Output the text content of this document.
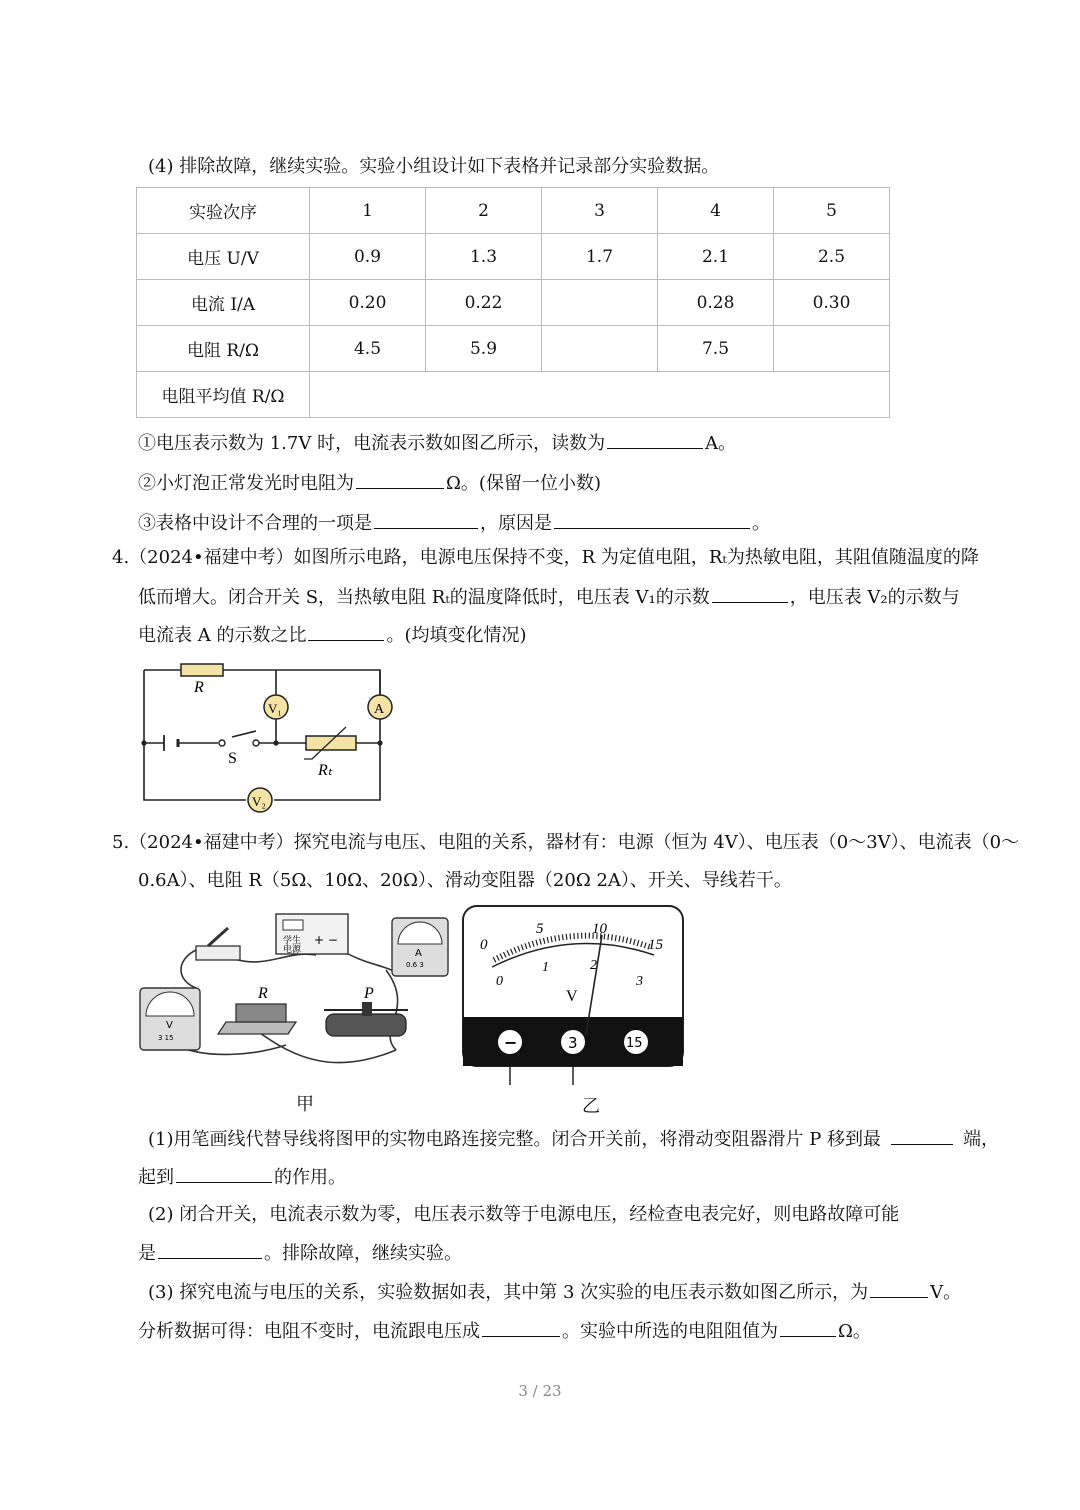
(4) 排除故障，继续实验。实验小组设计如下表格并记录部分实验数据。
实验次序	1	2	3	4	5
电压 U/V	0.9	1.3	1.7	2.1	2.5
电流 I/A	0.20	0.22		0.28	0.30
电阻 R/Ω	4.5	5.9		7.5	
电阻平均值 R/Ω					
①电压表示数为 1.7V 时，电流表示数如图乙所示，读数为	A。
②小灯泡正常发光时电阻为	Ω。(保留一位小数)
③表格中设计不合理的一项是	，原因是	。
4.（2024•福建中考）如图所示电路，电源电压保持不变，R 为定值电阻，Rₜ为热敏电阻，其阻值随温度的降
低而增大。闭合开关 S，当热敏电阻 Rₜ的温度降低时，电压表 V₁的示数	，电压表 V₂的示数与
电流表 A 的示数之比	。(均填变化情况)
R
S
Rₜ
V₁	A
V₂
5.（2024•福建中考）探究电流与电压、电阻的关系，器材有：电源（恒为 4V）、电压表（0～3V）、电流表（0～
0.6A）、电阻 R（5Ω、10Ω、20Ω）、滑动变阻器（20Ω 2A）、开关、导线若干。
学生
电源
+ −
A
0.6 3
V
3 15
R	P
甲
0
5	10
15
0
1	2
3
V
−	3	15
乙
(1)用笔画线代替导线将图甲的实物电路连接完整。闭合开关前，将滑动变阻器滑片 P 移到最	端，
起到	的作用。
(2) 闭合开关，电流表示数为零，电压表示数等于电源电压，经检查电表完好，则电路故障可能
是	。排除故障，继续实验。
(3) 探究电流与电压的关系，实验数据如表，其中第 3 次实验的电压表示数如图乙所示，为	V。
分析数据可得：电阻不变时，电流跟电压成	。实验中所选的电阻阻值为	Ω。
3 / 23
